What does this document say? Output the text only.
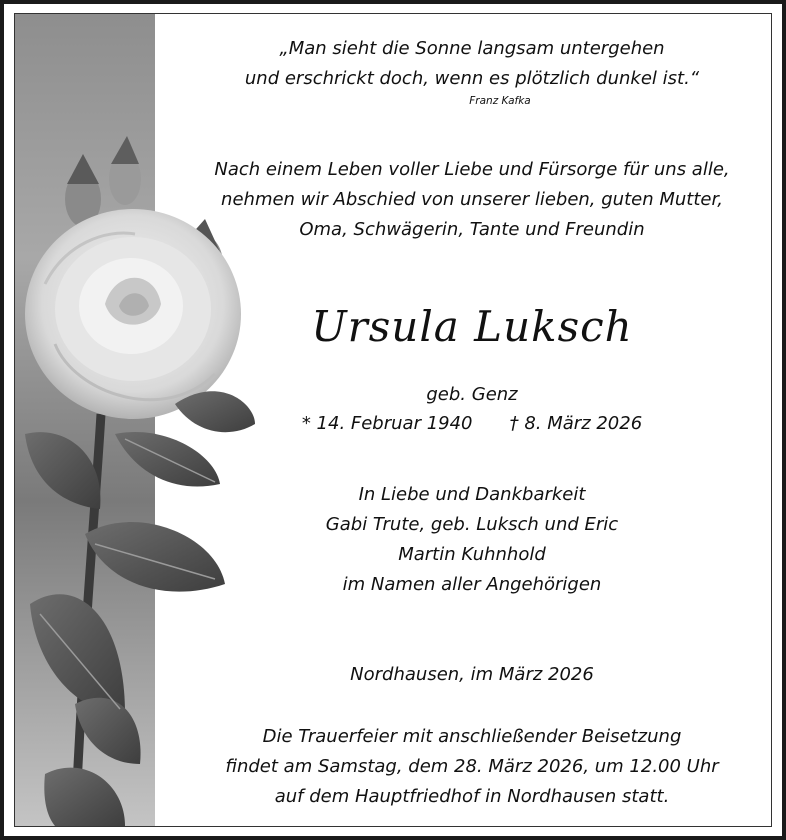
„Man sieht die Sonne langsam untergehen

und erschrickt doch, wenn es plötzlich dunkel ist.“

Franz Kafka

Nach einem Leben voller Liebe und Fürsorge für uns alle,

nehmen wir Abschied von unserer lieben, guten Mutter,

Oma, Schwägerin, Tante und Freundin

Ursula Luksch

geb. Genz

* 14. Februar 1940 † 8. März 2026

In Liebe und Dankbarkeit

Gabi Trute, geb. Luksch und Eric

Martin Kuhnhold

im Namen aller Angehörigen

Nordhausen, im März 2026

Die Trauerfeier mit anschließender Beisetzung

findet am Samstag, dem 28. März 2026, um 12.00 Uhr

auf dem Hauptfriedhof in Nordhausen statt.
